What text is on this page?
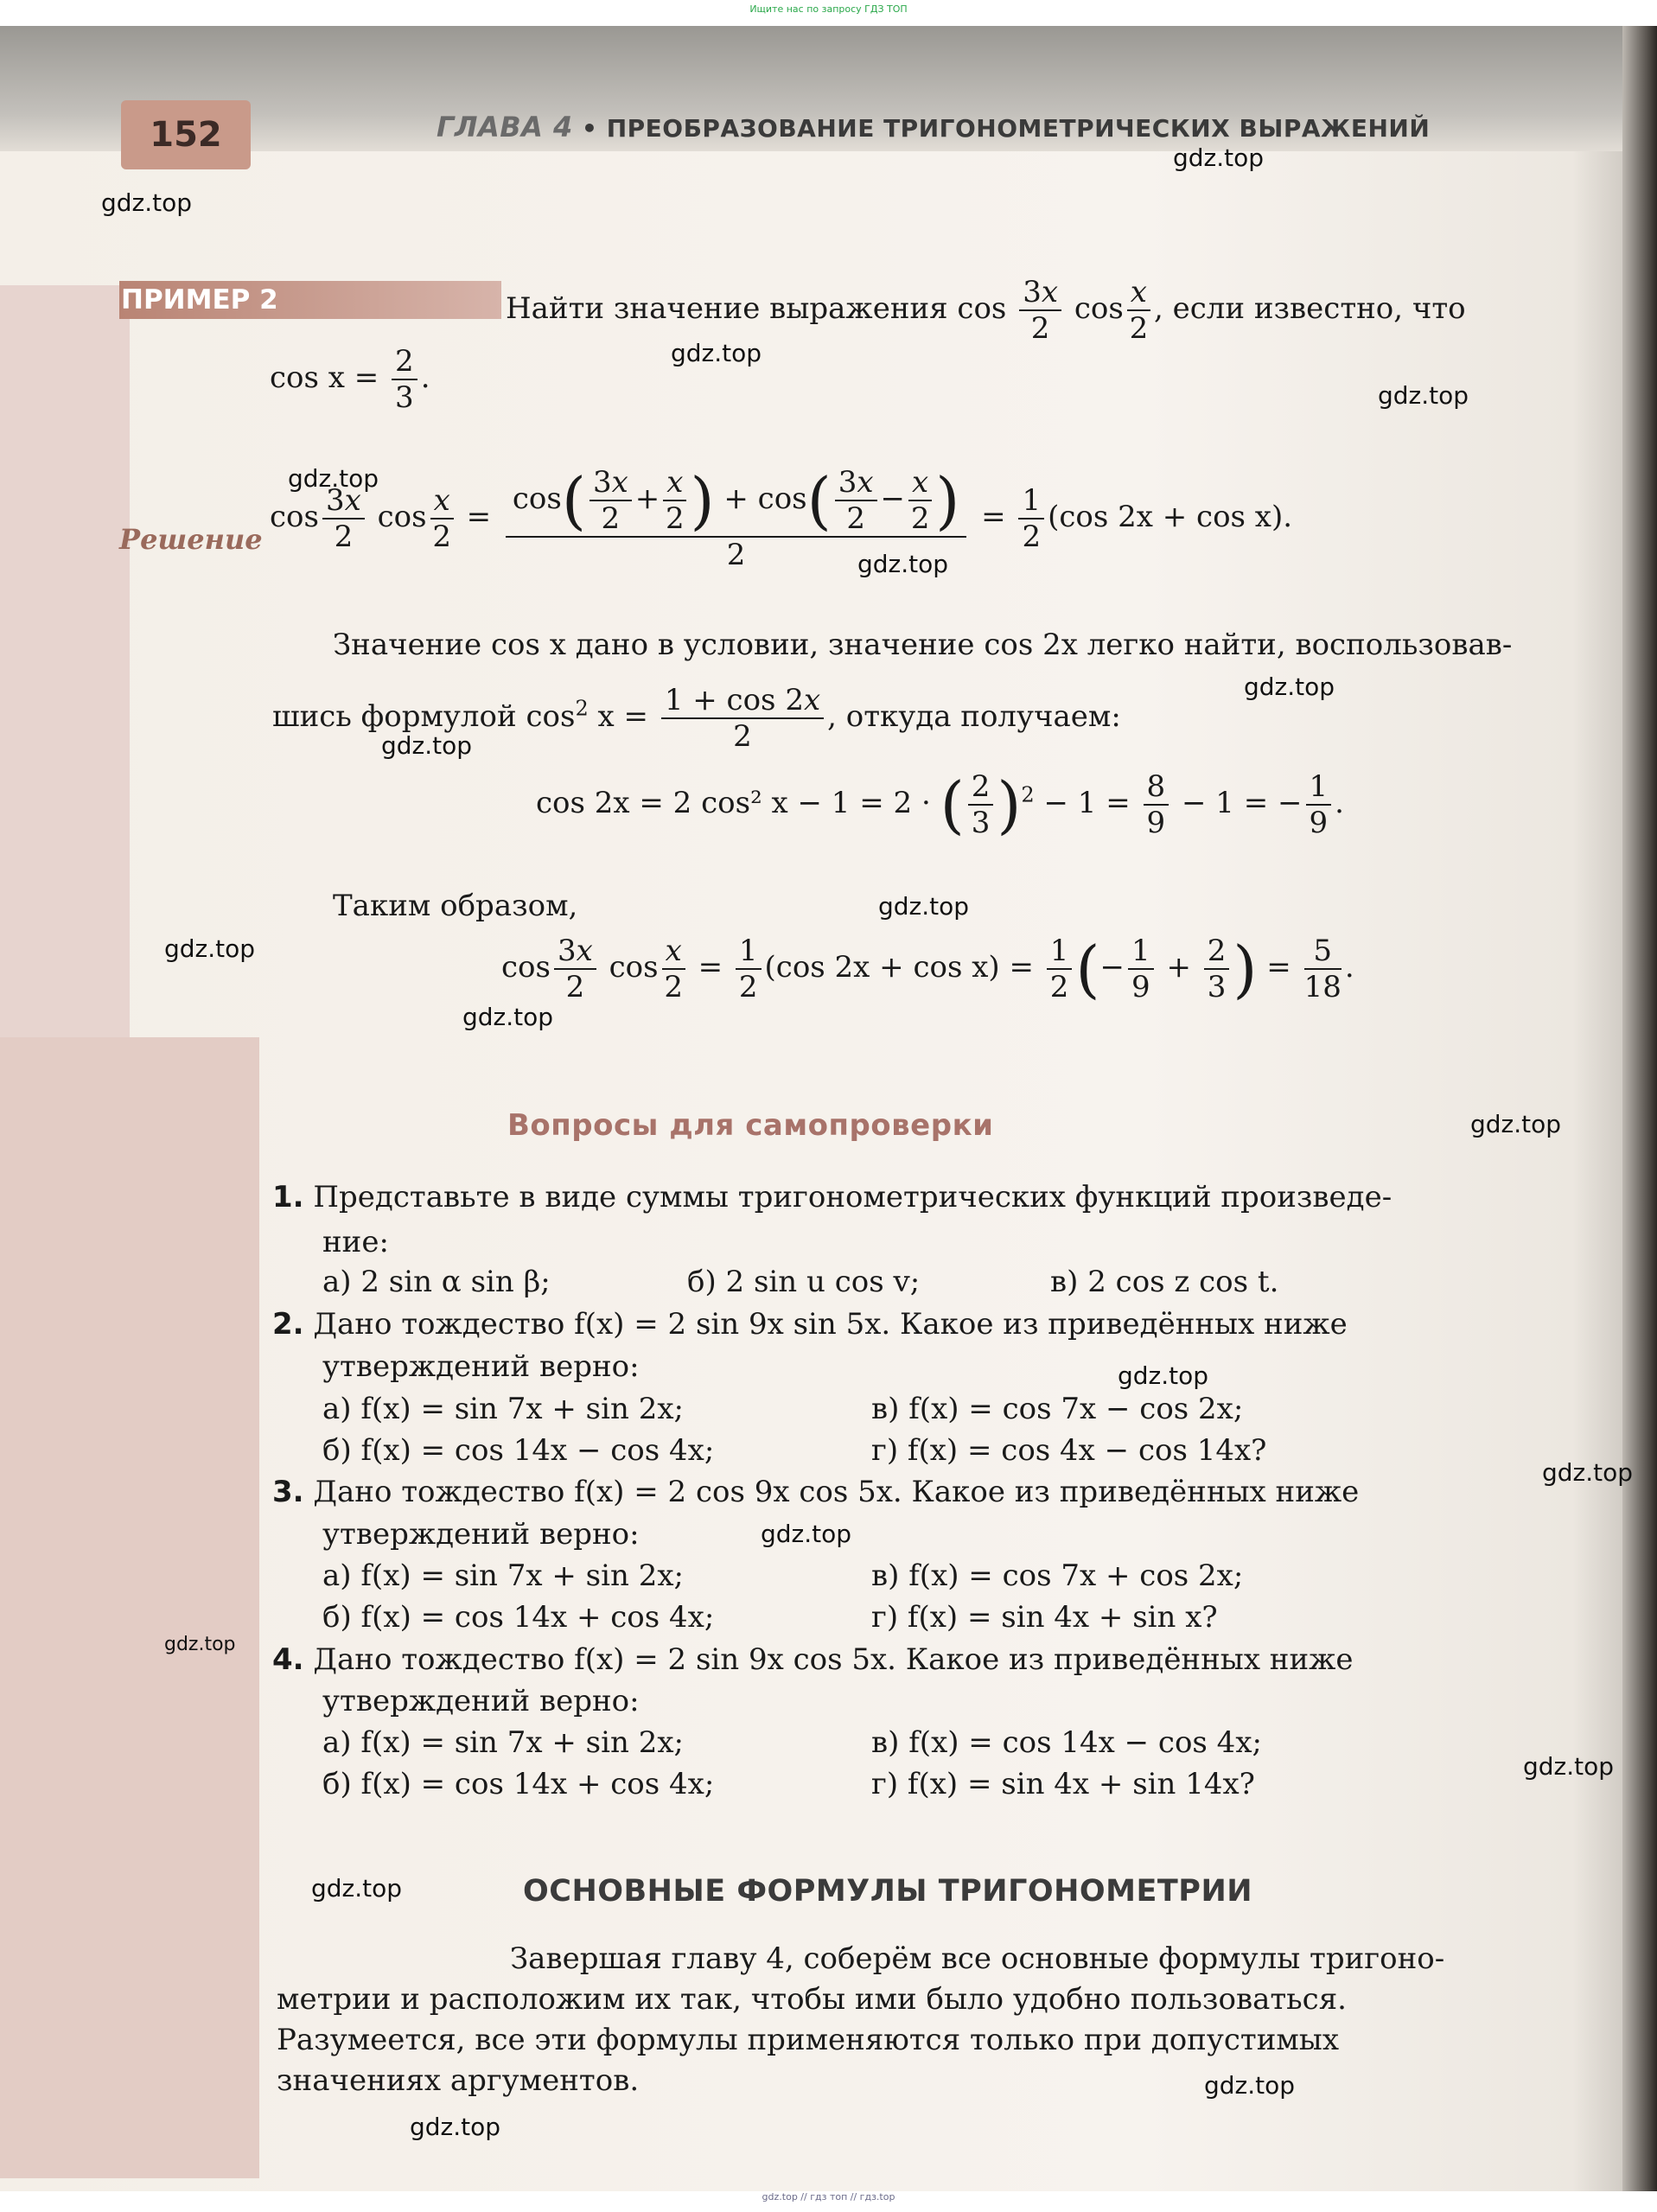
Ищите нас по запросу ГДЗ ТОП
gdz.top // гдз топ // гдз.top
152	ГЛАВА 4 • ПРЕОБРАЗОВАНИЕ ТРИГОНОМЕТРИЧЕСКИХ ВЫРАЖЕНИЙ
gdz.top
gdz.top
gdz.top
gdz.top
gdz.top
gdz.top
gdz.top
gdz.top
gdz.top
gdz.top
gdz.top
gdz.top
gdz.top
gdz.top
gdz.top
gdz.top
gdz.top
gdz.top
gdz.top
gdz.top
ПРИМЕР 2	Найти значение выражения $\cos \frac{3x}{2}$ $\cos \frac{x}{2}$ , если известно, что
$\cos x = \frac{2}{3}$ .
Решение
$\cos \frac{3x}{2}$ $\cos \frac{x}{2} = \frac{\cos( \frac{3x}{2} + \frac{x}{2} ) + \cos( \frac{3x}{2} - \frac{x}{2} )}{2} = \frac{1}{2} (\cos$ 2x + cos x).
Значение cos x дано в условии, значение cos 2x легко найти, воспользовав-
шись формулой $\cos^2 x = \frac{1 + \cos 2x}{2}$ , откуда получаем:
cos 2x = 2 cos² x − 1 = 2 · ( $\frac{2}{3} )^2 - 1 = \frac{8}{9} - 1$ = − $\frac{1}{9}$ .
Таким образом,
$\cos \frac{3x}{2}$ $\cos \frac{x}{2} = \frac{1}{2} (\cos$ $2x + \cos x) = \frac{1}{2}$ (− $\frac{1}{9} + \frac{2}{3}$ ) = $\frac{5}{18}$ .
Вопросы для самопроверки
1. Представьте в виде суммы тригонометрических функций произведе-
ние:
а) 2 sin α sin β;	б) 2 sin u cos v;	в) 2 cos z cos t.
2. Дано тождество f(x) = 2 sin 9x sin 5x. Какое из приведённых ниже
утверждений верно:
а) f(x) = sin 7x + sin 2x;	в) f(x) = cos 7x − cos 2x;
б) f(x) = cos 14x − cos 4x;	г) f(x) = cos 4x − cos 14x?
3. Дано тождество f(x) = 2 cos 9x cos 5x. Какое из приведённых ниже
утверждений верно:
а) f(x) = sin 7x + sin 2x;	в) f(x) = cos 7x + cos 2x;
б) f(x) = cos 14x + cos 4x;	г) f(x) = sin 4x + sin x?
4. Дано тождество f(x) = 2 sin 9x cos 5x. Какое из приведённых ниже
утверждений верно:
а) f(x) = sin 7x + sin 2x;	в) f(x) = cos 14x − cos 4x;
б) f(x) = cos 14x + cos 4x;	г) f(x) = sin 4x + sin 14x?
ОСНОВНЫЕ ФОРМУЛЫ ТРИГОНОМЕТРИИ
Завершая главу 4, соберём все основные формулы тригоно-
метрии и расположим их так, чтобы ими было удобно пользоваться.
Разумеется, все эти формулы применяются только при допустимых
значениях аргументов.
